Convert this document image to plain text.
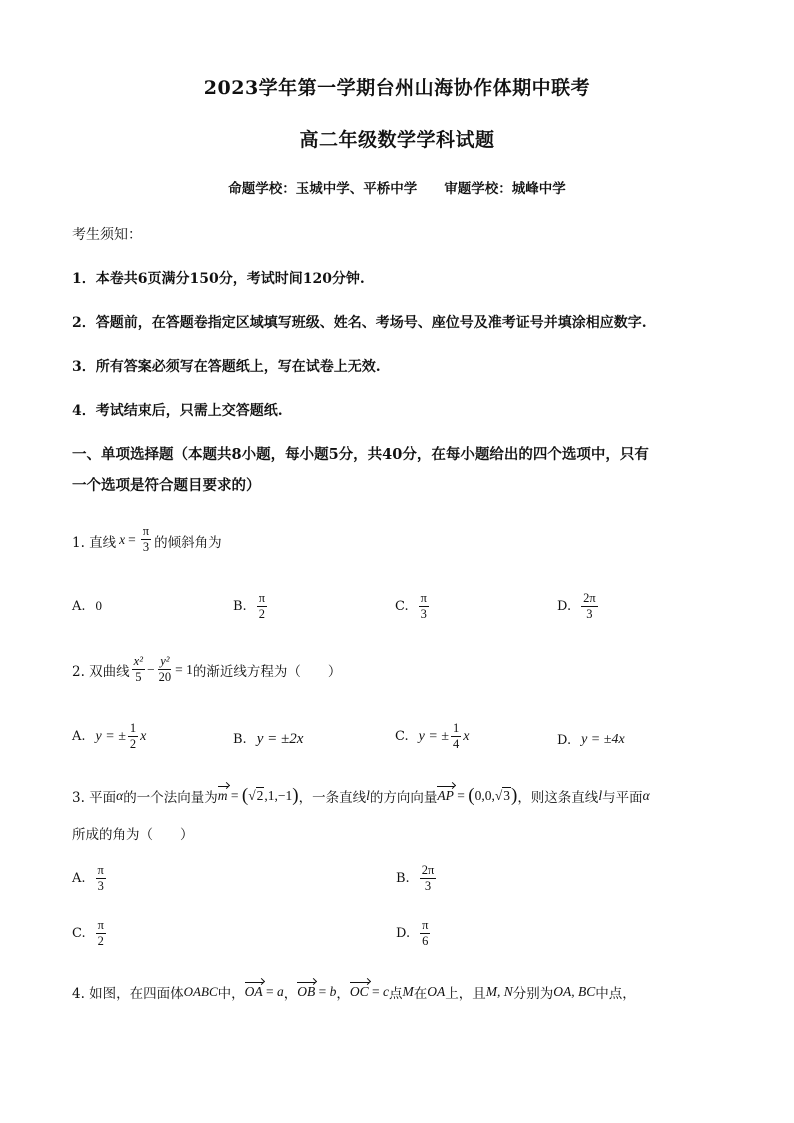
2023学年第一学期台州山海协作体期中联考
高二年级数学学科试题
命题学校：玉城中学、平桥中学　　审题学校：城峰中学
考生须知：
1．本卷共6页满分150分，考试时间120分钟.
2．答题前，在答题卷指定区域填写班级、姓名、考场号、座位号及准考证号并填涂相应数字.
3．所有答案必须写在答题纸上，写在试卷上无效.
4．考试结束后，只需上交答题纸.
一、单项选择题（本题共8小题，每小题5分，共40分，在每小题给出的四个选项中，只有
一个选项是符合题目要求的）
1. 直线 $x = \frac{\pi}{3}$ 的倾斜角为
A. 0	B. $\frac{\pi}{2}$	C. $\frac{\pi}{3}$	D. $\frac{2\pi}{3}$
2. 双曲线 $\frac{\text{x²}}{5} - \frac{\text{y²}}{20} = 1$ 的渐近线方程为（　　）
A. y = ± $\frac{1}{2}$ x	B. y = ±2x	C. y = ± $\frac{1}{4}$ x	D. y = ±4x
3. 平面 α 的一个法向量为 m = ( √2 ,1,−1 ) ，一条直线 l 的方向向量 AP = ( 0,0, √3 ) ，则这条直线 l 与平面 α
所成的角为（　　）
A. $\frac{\pi}{3}$	B. $\frac{2\pi}{3}$
C. $\frac{\pi}{2}$	D. $\frac{\pi}{6}$
4. 如图，在四面体 OABC 中， OA = a ， OB = b ， OC = c 点 M 在 OA 上，且 M, N 分别为 OA, BC 中点，
